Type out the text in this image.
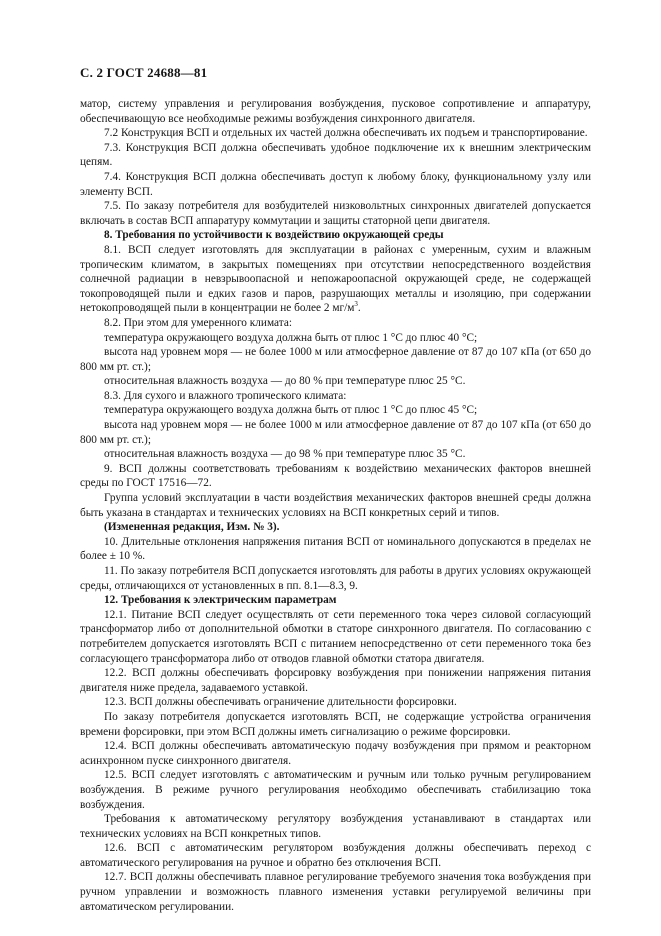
С. 2 ГОСТ 24688—81

матор, систему управления и регулирования возбуждения, пусковое сопротивление и аппаратуру, обеспечивающую все необходимые режимы возбуждения синхронного двигателя.

7.2 Конструкция ВСП и отдельных их частей должна обеспечивать их подъем и транспортирование.

7.3. Конструкция ВСП должна обеспечивать удобное подключение их к внешним электрическим цепям.

7.4. Конструкция ВСП должна обеспечивать доступ к любому блоку, функциональному узлу или элементу ВСП.

7.5. По заказу потребителя для возбудителей низковольтных синхронных двигателей допускается включать в состав ВСП аппаратуру коммутации и защиты статорной цепи двигателя.

8. Требования по устойчивости к воздействию окружающей среды

8.1. ВСП следует изготовлять для эксплуатации в районах с умеренным, сухим и влажным тропическим климатом, в закрытых помещениях при отсутствии непосредственного воздействия солнечной радиации в невзрывоопасной и непожароопасной окружающей среде, не содержащей токопроводящей пыли и едких газов и паров, разрушающих металлы и изоляцию, при содержании нетокопроводящей пыли в концентрации не более 2 $мг/м^3$.

8.2. При этом для умеренного климата:

температура окружающего воздуха должна быть от плюс 1 °С до плюс 40 °С;

высота над уровнем моря — не более 1000 м или атмосферное давление от 87 до 107 кПа (от 650 до 800 мм рт. ст.);

относительная влажность воздуха — до 80 % при температуре плюс 25 °С.

8.3. Для сухого и влажного тропического климата:

температура окружающего воздуха должна быть от плюс 1 °С до плюс 45 °С;

высота над уровнем моря — не более 1000 м или атмосферное давление от 87 до 107 кПа (от 650 до 800 мм рт. ст.);

относительная влажность воздуха — до 98 % при температуре плюс 35 °С.

9. ВСП должны соответствовать требованиям к воздействию механических факторов внешней среды по ГОСТ 17516—72.

Группа условий эксплуатации в части воздействия механических факторов внешней среды должна быть указана в стандартах и технических условиях на ВСП конкретных серий и типов.

(Измененная редакция, Изм. № 3).

10. Длительные отклонения напряжения питания ВСП от номинального допускаются в пределах не более ± 10 %.

11. По заказу потребителя ВСП допускается изготовлять для работы в других условиях окружающей среды, отличающихся от установленных в пп. 8.1—8.3, 9.

12. Требования к электрическим параметрам

12.1. Питание ВСП следует осуществлять от сети переменного тока через силовой согласующий трансформатор либо от дополнительной обмотки в статоре синхронного двигателя. По согласованию с потребителем допускается изготовлять ВСП с питанием непосредственно от сети переменного тока без согласующего трансформатора либо от отводов главной обмотки статора двигателя.

12.2. ВСП должны обеспечивать форсировку возбуждения при понижении напряжения питания двигателя ниже предела, задаваемого уставкой.

12.3. ВСП должны обеспечивать ограничение длительности форсировки.

По заказу потребителя допускается изготовлять ВСП, не содержащие устройства ограничения времени форсировки, при этом ВСП должны иметь сигнализацию о режиме форсировки.

12.4. ВСП должны обеспечивать автоматическую подачу возбуждения при прямом и реакторном асинхронном пуске синхронного двигателя.

12.5. ВСП следует изготовлять с автоматическим и ручным или только ручным регулированием возбуждения. В режиме ручного регулирования необходимо обеспечивать стабилизацию тока возбуждения.

Требования к автоматическому регулятору возбуждения устанавливают в стандартах или технических условиях на ВСП конкретных типов.

12.6. ВСП с автоматическим регулятором возбуждения должны обеспечивать переход с автоматического регулирования на ручное и обратно без отключения ВСП.

12.7. ВСП должны обеспечивать плавное регулирование требуемого значения тока возбуждения при ручном управлении и возможность плавного изменения уставки регулируемой величины при автоматическом регулировании.
